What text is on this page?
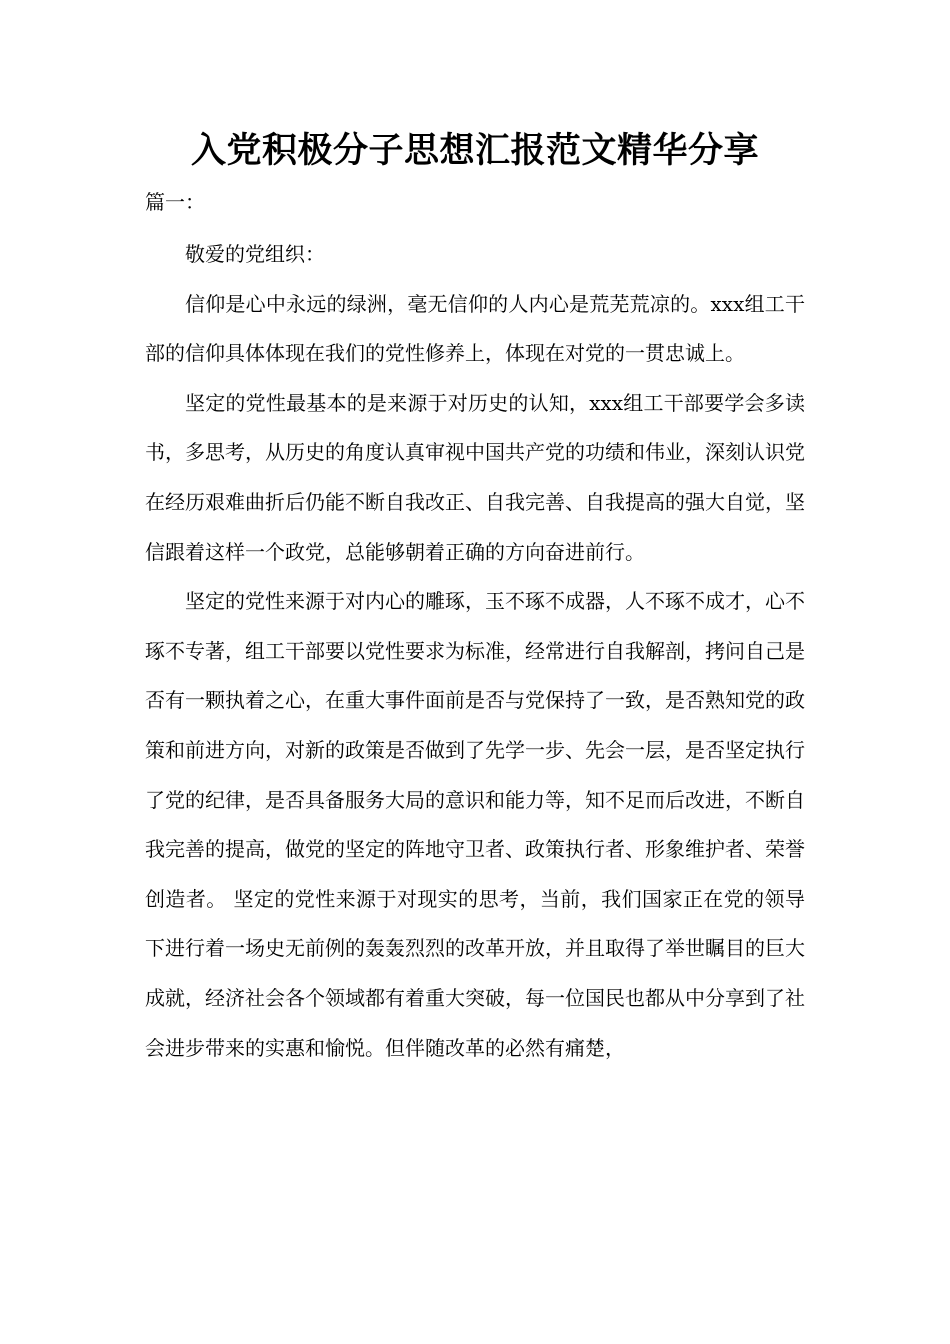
入党积极分子思想汇报范文精华分享
篇一：

敬爱的党组织：

信仰是心中永远的绿洲，毫无信仰的人内心是荒芜荒凉的。xxx组工干部的信仰具体体现在我们的党性修养上，体现在对党的一贯忠诚上。

坚定的党性最基本的是来源于对历史的认知，xxx组工干部要学会多读书，多思考，从历史的角度认真审视中国共产党的功绩和伟业，深刻认识党在经历艰难曲折后仍能不断自我改正、自我完善、自我提高的强大自觉，坚信跟着这样一个政党，总能够朝着正确的方向奋进前行。

坚定的党性来源于对内心的雕琢，玉不琢不成器，人不琢不成才，心不琢不专著，组工干部要以党性要求为标准，经常进行自我解剖，拷问自己是否有一颗执着之心，在重大事件面前是否与党保持了一致，是否熟知党的政策和前进方向，对新的政策是否做到了先学一步、先会一层，是否坚定执行了党的纪律，是否具备服务大局的意识和能力等，知不足而后改进，不断自我完善的提高，做党的坚定的阵地守卫者、政策执行者、形象维护者、荣誉创造者。 坚定的党性来源于对现实的思考，当前，我们国家正在党的领导下进行着一场史无前例的轰轰烈烈的改革开放，并且取得了举世瞩目的巨大成就，经济社会各个领域都有着重大突破，每一位国民也都从中分享到了社会进步带来的实惠和愉悦。但伴随改革的必然有痛楚，
